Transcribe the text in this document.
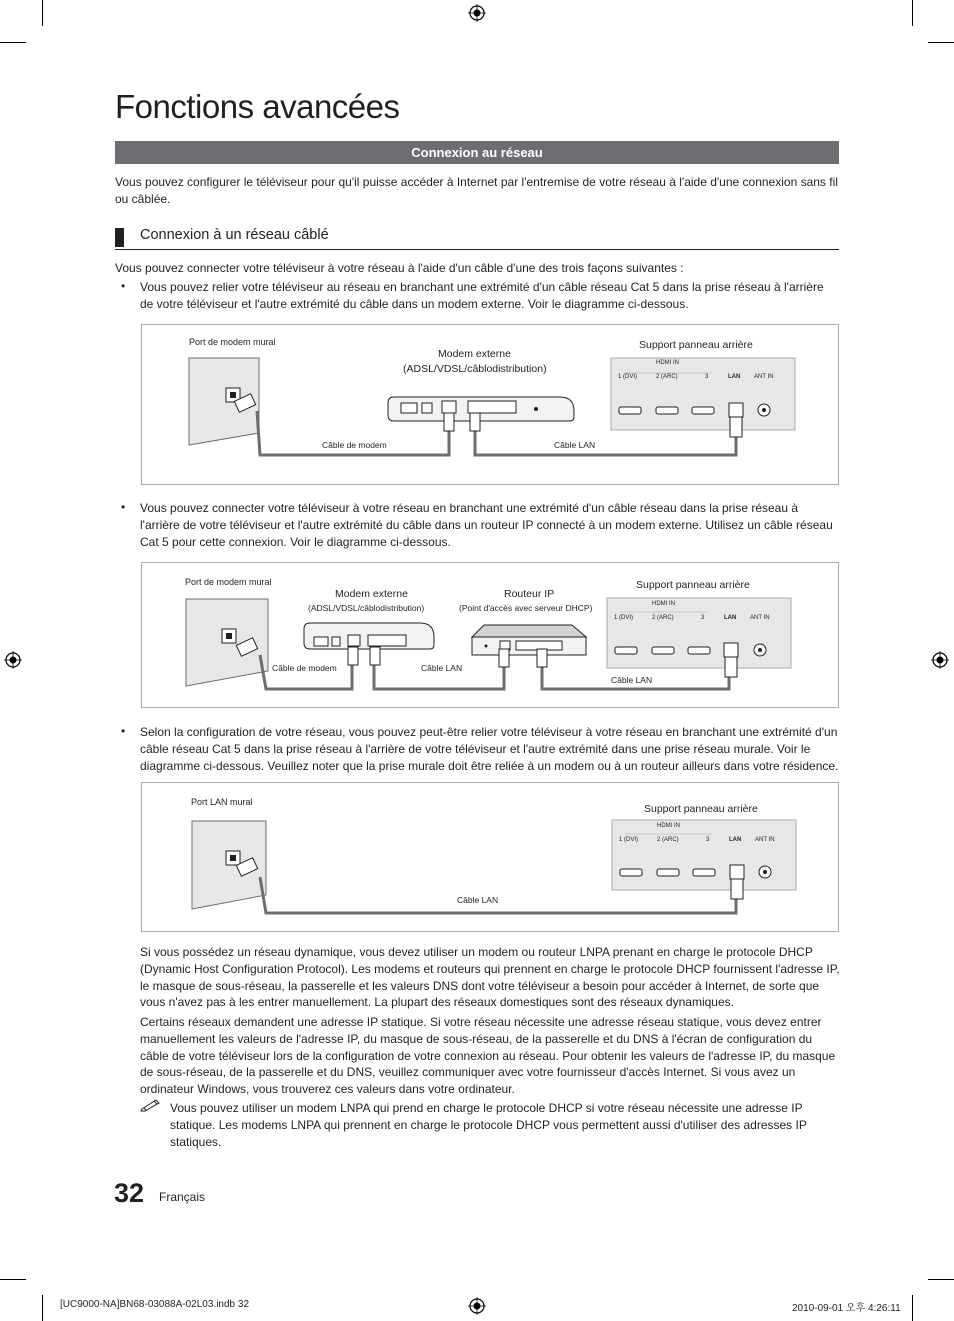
Fonctions avancées
Connexion au réseau

Vous pouvez configurer le téléviseur pour qu'il puisse accéder à Internet par l'entremise de votre réseau à l'aide d'une connexion sans fil ou câblée.

Connexion à un réseau câblé

Vous pouvez connecter votre téléviseur à votre réseau à l'aide d'un câble d'une des trois façons suivantes :

• Vous pouvez relier votre téléviseur au réseau en branchant une extrémité d'un câble réseau Cat 5 dans la prise réseau à l'arrière de votre téléviseur et l'autre extrémité du câble dans un modem externe. Voir le diagramme ci-dessous.

Port de modem mural
Modem externe
(ADSL/VDSL/câblodistribution)
Support panneau arrière
HDMI IN
1 (DVI)	2 (ARC)	3	LAN ANT IN
Câble de modem	Câble LAN
• Vous pouvez connecter votre téléviseur à votre réseau en branchant une extrémité d'un câble réseau dans la prise réseau à l'arrière de votre téléviseur et l'autre extrémité du câble dans un routeur IP connecté à un modem externe. Utilisez un câble réseau Cat 5 pour cette connexion. Voir le diagramme ci-dessous.

Port de modem mural
Modem externe
(ADSL/VDSL/câblodistribution)
Routeur IP
(Point d'accès avec serveur DHCP)
Support panneau arrière
HDMI IN
1 (DVI)	2 (ARC)	3	LAN ANT IN
Câble de modem	Câble LAN
Câble LAN
• Selon la configuration de votre réseau, vous pouvez peut-être relier votre téléviseur à votre réseau en branchant une extrémité d'un câble réseau Cat 5 dans la prise réseau à l'arrière de votre téléviseur et l'autre extrémité dans une prise réseau murale. Voir le diagramme ci-dessous. Veuillez noter que la prise murale doit être reliée à un modem ou à un routeur ailleurs dans votre résidence.

Port LAN mural
Support panneau arrière
HDMI IN
1 (DVI)	2 (ARC)	3	LAN ANT IN
Câble LAN

Si vous possédez un réseau dynamique, vous devez utiliser un modem ou routeur LNPA prenant en charge le protocole DHCP (Dynamic Host Configuration Protocol). Les modems et routeurs qui prennent en charge le protocole DHCP fournissent l'adresse IP, le masque de sous-réseau, la passerelle et les valeurs DNS dont votre téléviseur a besoin pour accéder à Internet, de sorte que vous n'avez pas à les entrer manuellement. La plupart des réseaux domestiques sont des réseaux dynamiques.

Certains réseaux demandent une adresse IP statique. Si votre réseau nécessite une adresse réseau statique, vous devez entrer manuellement les valeurs de l'adresse IP, du masque de sous-réseau, de la passerelle et du DNS à l'écran de configuration du câble de votre téléviseur lors de la configuration de votre connexion au réseau. Pour obtenir les valeurs de l'adresse IP, du masque de sous-réseau, de la passerelle et du DNS, veuillez communiquer avec votre fournisseur d'accès Internet. Si vous avez un ordinateur Windows, vous trouverez ces valeurs dans votre ordinateur.

Vous pouvez utiliser un modem LNPA qui prend en charge le protocole DHCP si votre réseau nécessite une adresse IP statique. Les modems LNPA qui prennent en charge le protocole DHCP vous permettent aussi d'utiliser des adresses IP statiques.

32 Français
[UC9000-NA]BN68-03088A-02L03.indb 32	2010-09-01 오후 4:26:11
